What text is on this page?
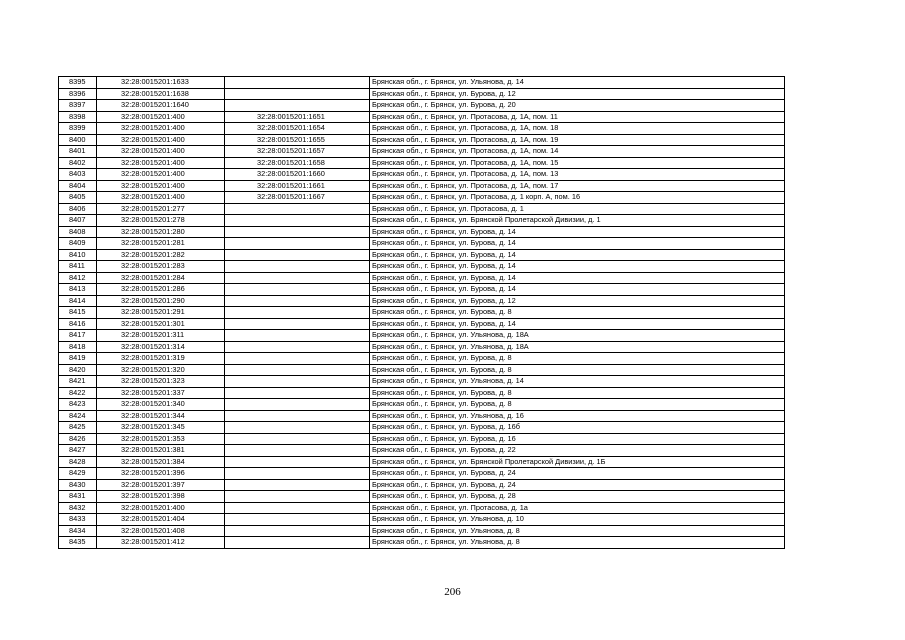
8395	32:28:0015201:1633		Брянская обл., г. Брянск, ул. Ульянова, д. 14
8396	32:28:0015201:1638		Брянская обл., г. Брянск, ул. Бурова, д. 12
8397	32:28:0015201:1640		Брянская обл., г. Брянск, ул. Бурова, д. 20
8398	32:28:0015201:400	32:28:0015201:1651	Брянская обл., г. Брянск, ул. Протасова, д. 1А, пом. 11
8399	32:28:0015201:400	32:28:0015201:1654	Брянская обл., г. Брянск, ул. Протасова, д. 1А, пом. 18
8400	32:28:0015201:400	32:28:0015201:1655	Брянская обл., г. Брянск, ул. Протасова, д. 1А, пом. 19
8401	32:28:0015201:400	32:28:0015201:1657	Брянская обл., г. Брянск, ул. Протасова, д. 1А, пом. 14
8402	32:28:0015201:400	32:28:0015201:1658	Брянская обл., г. Брянск, ул. Протасова, д. 1А, пом. 15
8403	32:28:0015201:400	32:28:0015201:1660	Брянская обл., г. Брянск, ул. Протасова, д. 1А, пом. 13
8404	32:28:0015201:400	32:28:0015201:1661	Брянская обл., г. Брянск, ул. Протасова, д. 1А, пом. 17
8405	32:28:0015201:400	32:28:0015201:1667	Брянская обл., г. Брянск, ул. Протасова, д. 1 корп. А, пом. 16
8406	32:28:0015201:277		Брянская обл., г. Брянск, ул. Протасова, д. 1
8407	32:28:0015201:278		Брянская обл., г. Брянск, ул. Брянской Пролетарской Дивизии, д. 1
8408	32:28:0015201:280		Брянская обл., г. Брянск, ул. Бурова, д. 14
8409	32:28:0015201:281		Брянская обл., г. Брянск, ул. Бурова, д. 14
8410	32:28:0015201:282		Брянская обл., г. Брянск, ул. Бурова, д. 14
8411	32:28:0015201:283		Брянская обл., г. Брянск, ул. Бурова, д. 14
8412	32:28:0015201:284		Брянская обл., г. Брянск, ул. Бурова, д. 14
8413	32:28:0015201:286		Брянская обл., г. Брянск, ул. Бурова, д. 14
8414	32:28:0015201:290		Брянская обл., г. Брянск, ул. Бурова, д. 12
8415	32:28:0015201:291		Брянская обл., г. Брянск, ул. Бурова, д. 8
8416	32:28:0015201:301		Брянская обл., г. Брянск, ул. Бурова, д. 14
8417	32:28:0015201:311		Брянская обл., г. Брянск, ул. Ульянова, д. 18А
8418	32:28:0015201:314		Брянская обл., г. Брянск, ул. Ульянова, д. 18А
8419	32:28:0015201:319		Брянская обл., г. Брянск, ул. Бурова, д. 8
8420	32:28:0015201:320		Брянская обл., г. Брянск, ул. Бурова, д. 8
8421	32:28:0015201:323		Брянская обл., г. Брянск, ул. Ульянова, д. 14
8422	32:28:0015201:337		Брянская обл., г. Брянск, ул. Бурова, д. 8
8423	32:28:0015201:340		Брянская обл., г. Брянск, ул. Бурова, д. 8
8424	32:28:0015201:344		Брянская обл., г. Брянск, ул. Ульянова, д. 16
8425	32:28:0015201:345		Брянская обл., г. Брянск, ул. Бурова, д. 16б
8426	32:28:0015201:353		Брянская обл., г. Брянск, ул. Бурова, д. 16
8427	32:28:0015201:381		Брянская обл., г. Брянск, ул. Бурова, д. 22
8428	32:28:0015201:384		Брянская обл., г. Брянск, ул. Брянской Пролетарской Дивизии, д. 1Б
8429	32:28:0015201:396		Брянская обл., г. Брянск, ул. Бурова, д. 24
8430	32:28:0015201:397		Брянская обл., г. Брянск, ул. Бурова, д. 24
8431	32:28:0015201:398		Брянская обл., г. Брянск, ул. Бурова, д. 28
8432	32:28:0015201:400		Брянская обл., г. Брянск, ул. Протасова, д. 1а
8433	32:28:0015201:404		Брянская обл., г. Брянск, ул. Ульянова, д. 10
8434	32:28:0015201:408		Брянская обл., г. Брянск, ул. Ульянова, д. 8
8435	32:28:0015201:412		Брянская обл., г. Брянск, ул. Ульянова, д. 8
206
